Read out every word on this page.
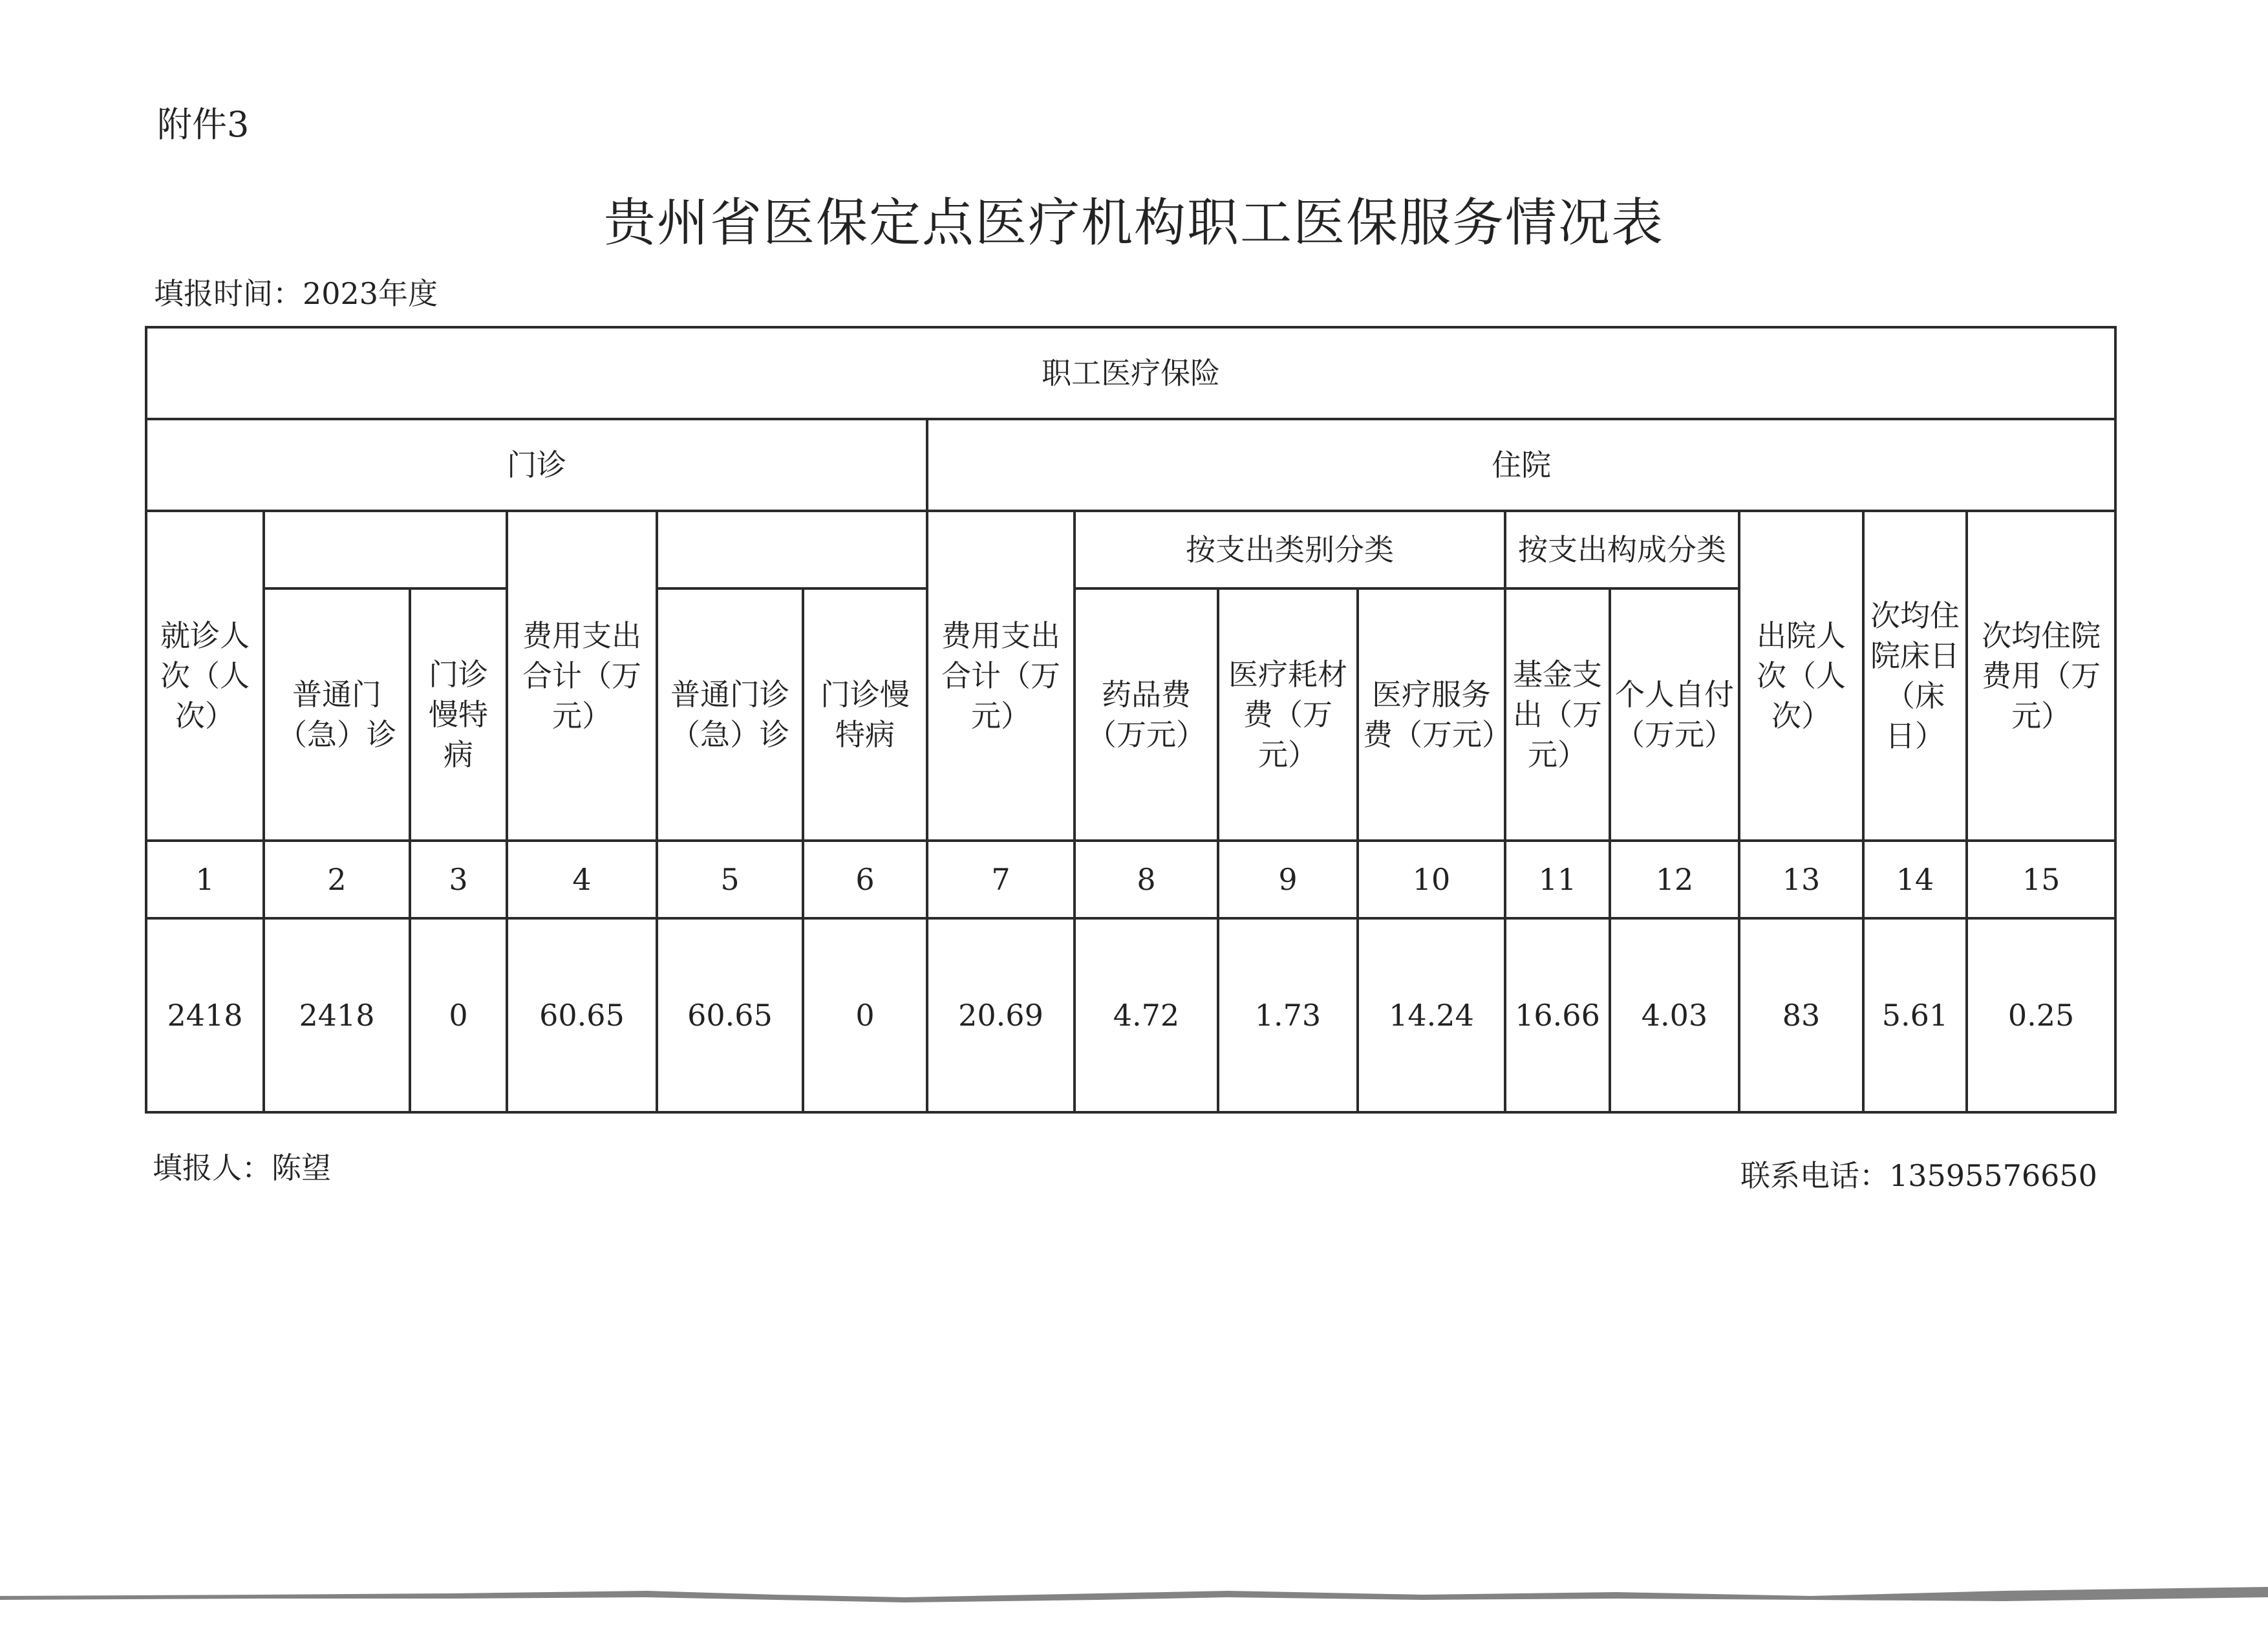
附件3
贵州省医保定点医疗机构职工医保服务情况表
填报时间：2023年度
职工医疗保险														
门诊						住院								
就诊人次（人次）			费用支出合计（万元）			费用支出合计（万元）	按支出类别分类			按支出构成分类		出院人次（人次）	次均住院床日（床日）	次均住院费用（万元）
	普通门（急）诊	门诊慢特病		普通门诊（急）诊	门诊慢特病		药品费（万元）	医疗耗材费（万元）	医疗服务费（万元）	基金支出（万元）	个人自付（万元）			
1	2	3	4	5	6	7	8	9	10	11	12	13	14	15
2418	2418	0	60.65	60.65	0	20.69	4.72	1.73	14.24	16.66	4.03	83	5.61	0.25
填报人：陈望	联系电话：13595576650
